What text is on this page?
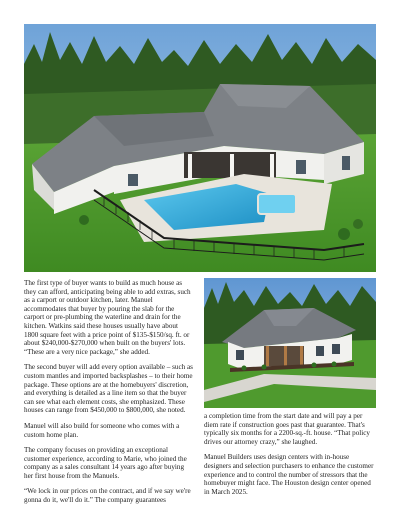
The first type of buyer wants to build as much house as they can afford, anticipating being able to add extras, such as a carport or outdoor kitchen, later. Manuel accommodates that buyer by pouring the slab for the carport or pre-plumbing the waterline and drain for the kitchen. Watkins said these houses usually have about 1800 square feet with a price point of $135-$150/sq. ft. or about $240,000-$270,000 when built on the buyers' lots. “These are a very nice package,” she added.

The second buyer will add every option available – such as custom mantles and imported backsplashes – to their home package. These options are at the homebuyers' discretion, and everything is detailed as a line item so that the buyer can see what each element costs, she emphasized. These houses can range from $450,000 to $800,000, she noted.

Manuel will also build for someone who comes with a custom home plan.

The company focuses on providing an exceptional customer experience, according to Marie, who joined the company as a sales consultant 14 years ago after buying her first house from the Manuels.

“We lock in our prices on the contract, and if we say we're gonna do it, we'll do it.” The company guarantees

a completion time from the start date and will pay a per diem rate if construction goes past that guarantee. That's typically six months for a 2200-sq.-ft. house. “That policy drives our attorney crazy,” she laughed.

Manuel Builders uses design centers with in-house designers and selection purchasers to enhance the customer experience and to control the number of stressors that the homebuyer might face. The Houston design center opened in March 2025.
